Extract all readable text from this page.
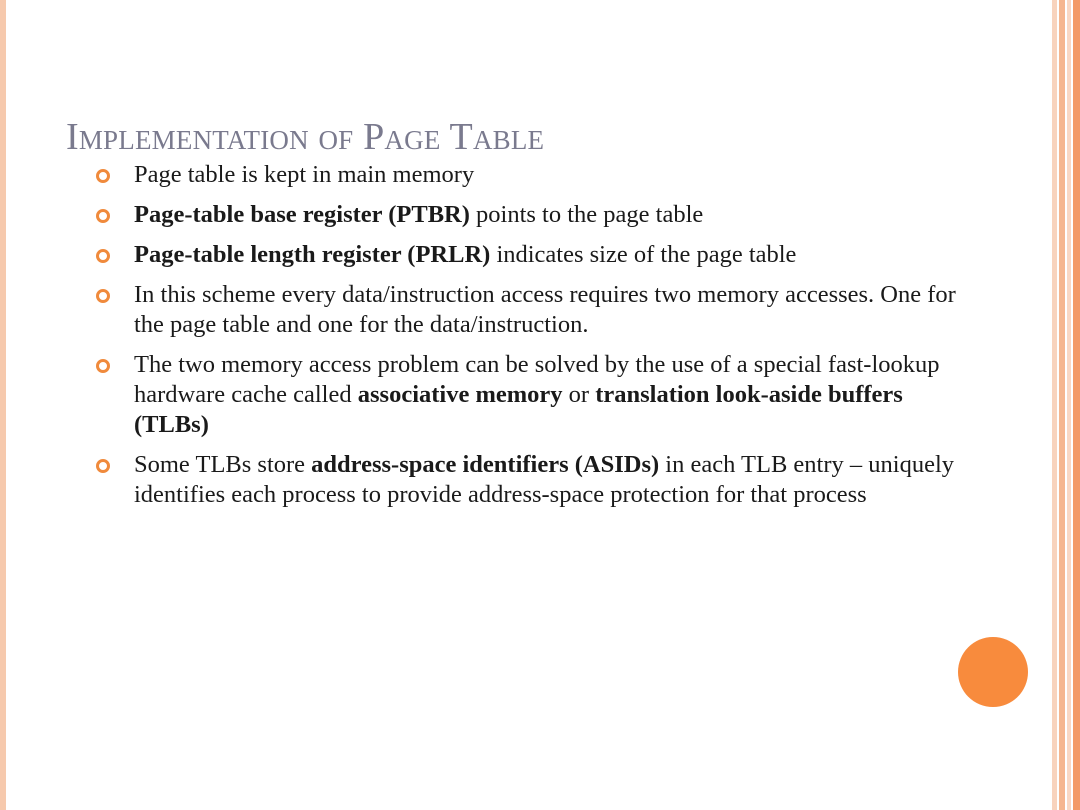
Implementation of Page Table
Page table is kept in main memory
Page-table base register (PTBR) points to the page table
Page-table length register (PRLR) indicates size of the page table
In this scheme every data/instruction access requires two memory accesses. One for the page table and one for the data/instruction.
The two memory access problem can be solved by the use of a special fast-lookup hardware cache called associative memory or translation look-aside buffers (TLBs)
Some TLBs store address-space identifiers (ASIDs) in each TLB entry – uniquely identifies each process to provide address-space protection for that process
